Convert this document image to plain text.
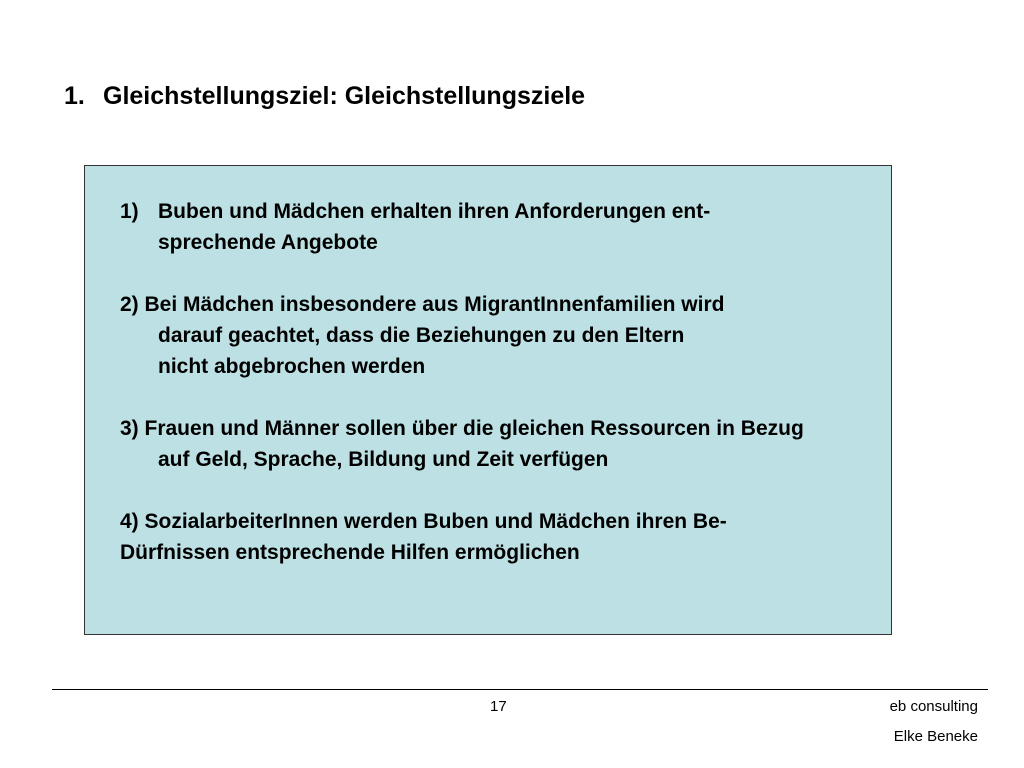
1. Gleichstellungsziel: Gleichstellungsziele
1) Buben und Mädchen erhalten ihren Anforderungen ent-
sprechende Angebote
2) Bei Mädchen insbesondere aus MigrantInnenfamilien wird
darauf geachtet, dass die Beziehungen zu den Eltern
nicht abgebrochen werden
3) Frauen und Männer sollen über die gleichen Ressourcen in Bezug
auf Geld, Sprache, Bildung und Zeit verfügen
4) SozialarbeiterInnen werden Buben und Mädchen ihren Be-
Dürfnissen entsprechende Hilfen ermöglichen
17	eb consulting
Elke Beneke
